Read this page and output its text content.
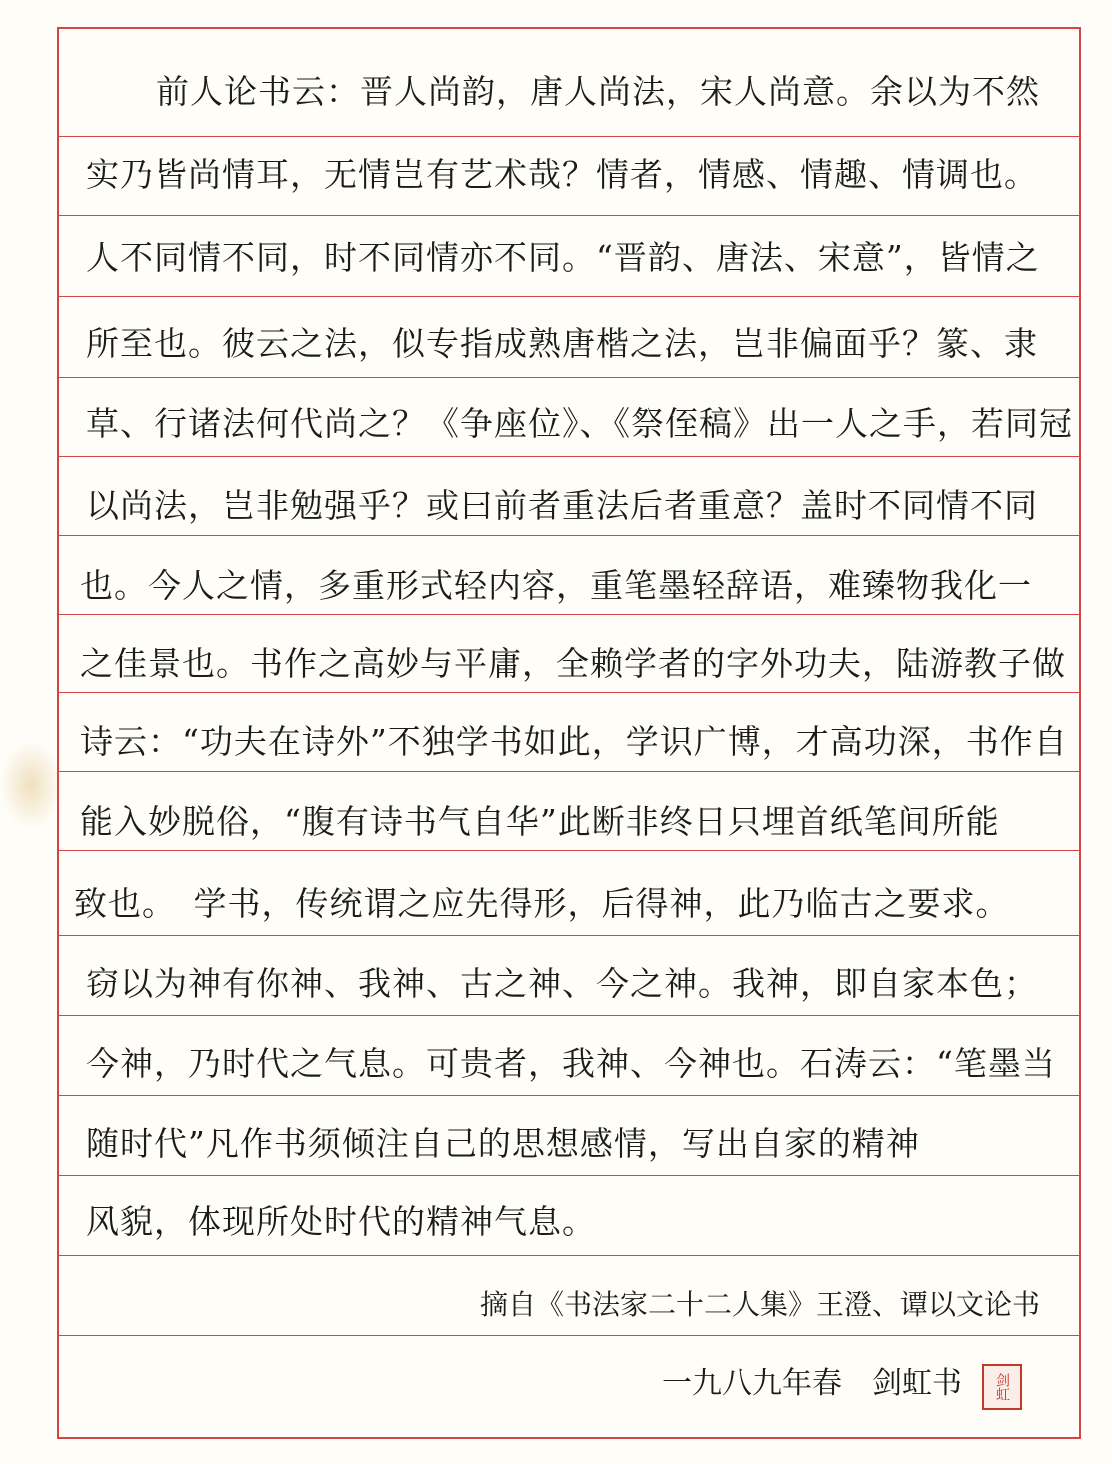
前人论书云：晋人尚韵，唐人尚法，宋人尚意。余以为不然
实乃皆尚情耳，无情岂有艺术哉？情者，情感、情趣、情调也。
人不同情不同，时不同情亦不同。“晋韵、唐法、宋意”，皆情之
所至也。彼云之法，似专指成熟唐楷之法，岂非偏面乎？篆、隶
草、行诸法何代尚之？《争座位》、《祭侄稿》出一人之手，若同冠
以尚法，岂非勉强乎？或曰前者重法后者重意？盖时不同情不同
也。今人之情，多重形式轻内容，重笔墨轻辞语，难臻物我化一
之佳景也。书作之高妙与平庸，全赖学者的字外功夫，陆游教子做
诗云：“功夫在诗外”不独学书如此，学识广博，才高功深，书作自
能入妙脱俗，“腹有诗书气自华”此断非终日只埋首纸笔间所能
致也。　学书，传统谓之应先得形，后得神，此乃临古之要求。
窃以为神有你神、我神、古之神、今之神。我神，即自家本色；
今神，乃时代之气息。可贵者，我神、今神也。石涛云：“笔墨当
随时代”凡作书须倾注自己的思想感情，写出自家的精神
风貌，体现所处时代的精神气息。
摘自《书法家二十二人集》王澄、谭以文论书
一九八九年春　剑虹书 剑虹
